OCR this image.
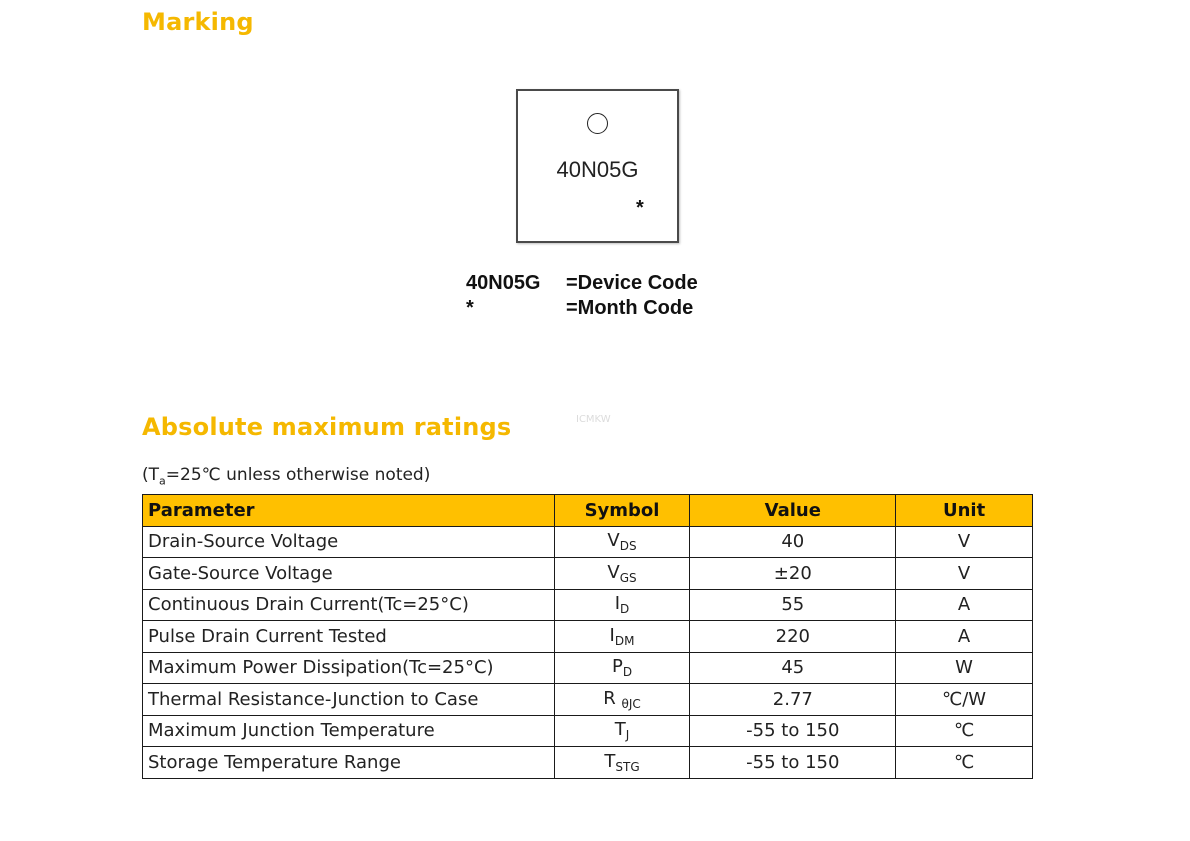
Marking
40N05G
*
40N05G	=Device Code
*	=Month Code
Absolute maximum ratings	ICMKW
($T_a=25℃$ unless otherwise noted)
Parameter	Symbol	Value	Unit
Drain-Source Voltage	$V_{DS}$	40	V
Gate-Source Voltage	$V_{GS}$	±20	V
Continuous Drain Current(Tc=25°C)	$I_D$	55	A
Pulse Drain Current Tested	$I_{DM}$	220	A
Maximum Power Dissipation(Tc=25°C)	$P_D$	45	W
Thermal Resistance-Junction to Case	R $_{\theta JC}$	2.77	℃/W
Maximum Junction Temperature	$T_J$	-55 to 150	℃
Storage Temperature Range	$T_{STG}$	-55 to 150	℃
